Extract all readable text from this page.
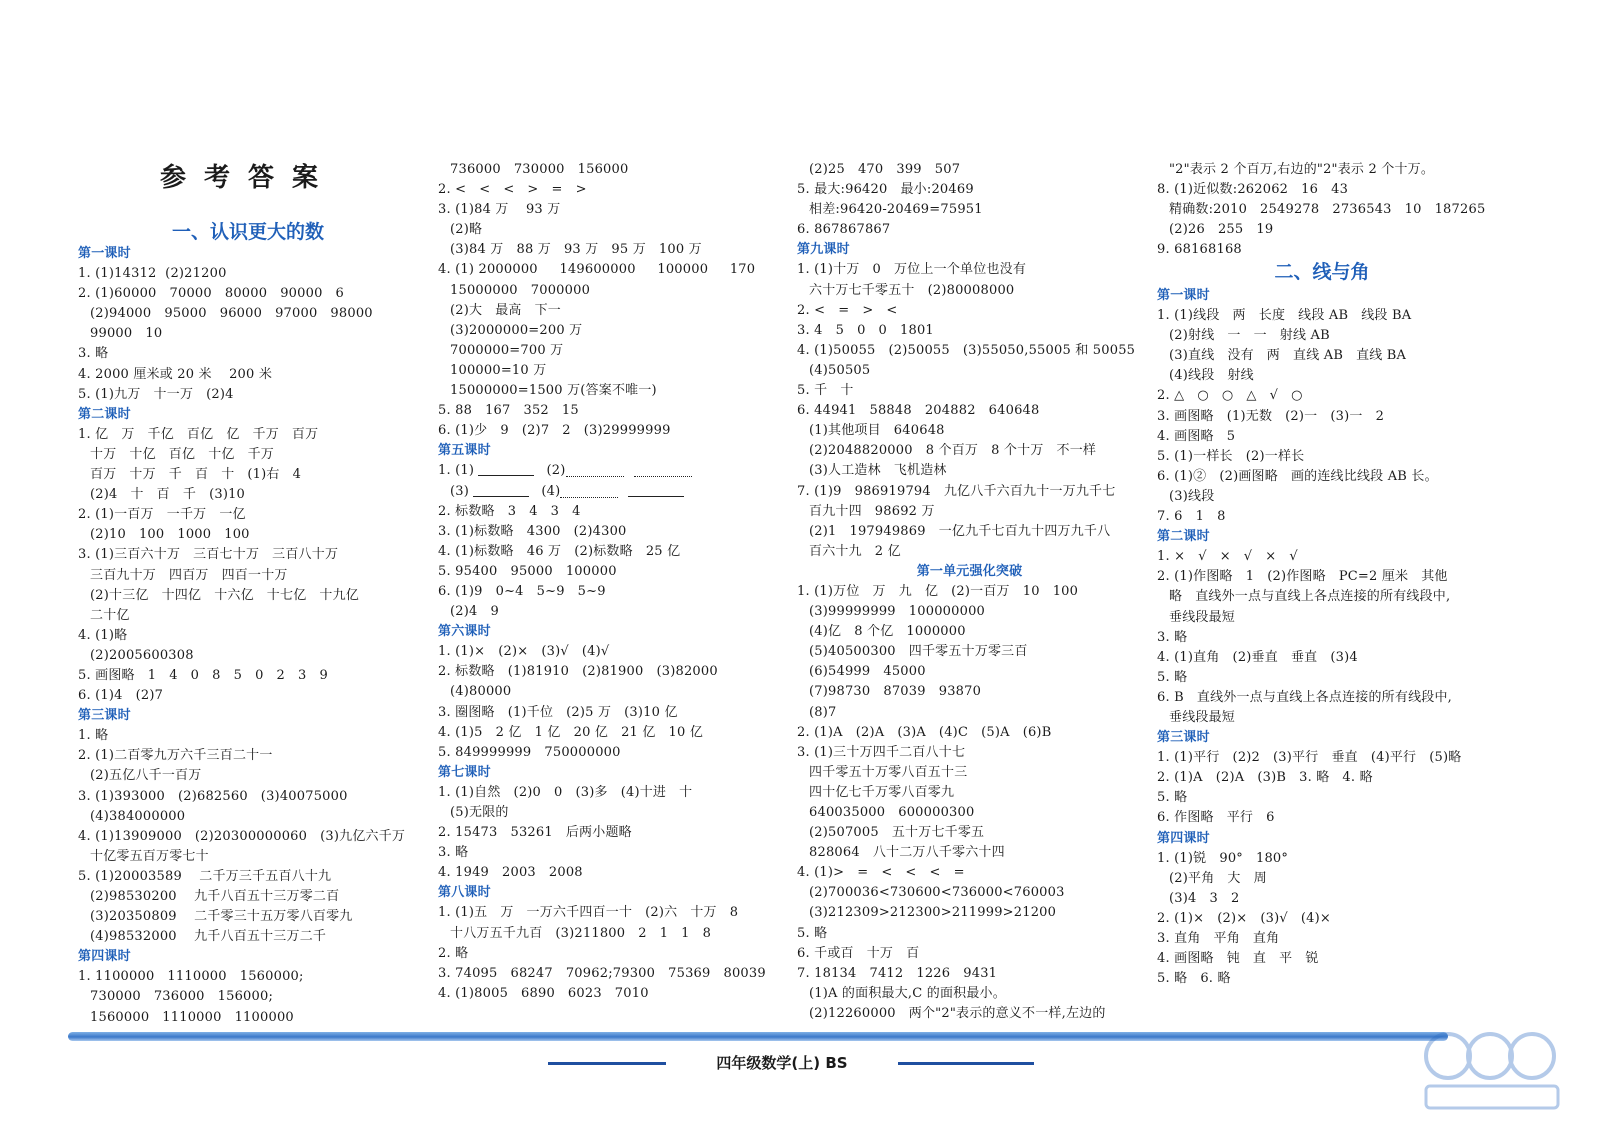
参考答案
一、认识更大的数
第一课时
1. (1)14312  (2)21200
2. (1)60000   70000   80000   90000   6
(2)94000   95000   96000   97000   98000
99000   10
3. 略
4. 2000 厘米或 20 米    200 米
5. (1)九万   十一万   (2)4
第二课时
1. 亿   万   千亿   百亿   亿   千万   百万
十万   十亿   百亿   十亿   千万
百万   十万   千   百   十   (1)右   4
(2)4   十   百   千   (3)10
2. (1)一百万   一千万   一亿
(2)10   100   1000   100
3. (1)三百六十万   三百七十万   三百八十万
三百九十万   四百万   四百一十万
(2)十三亿   十四亿   十六亿   十七亿   十九亿
二十亿
4. (1)略
(2)2005600308
5. 画图略   1   4   0   8   5   0   2   3   9
6. (1)4   (2)7
第三课时
1. 略
2. (1)二百零九万六千三百二十一
(2)五亿八千一百万
3. (1)393000   (2)682560   (3)40075000
(4)384000000
4. (1)13909000   (2)20300000060   (3)九亿六千万
十亿零五百万零七十
5. (1)20003589    二千万三千五百八十九
(2)98530200    九千八百五十三万零二百
(3)20350809    二千零三十五万零八百零九
(4)98532000    九千八百五十三万二千
第四课时
1. 1100000   1110000   1560000;
730000   736000   156000;
1560000   1110000   1100000
736000   730000   156000
2. <   <   <   >   =   >
3. (1)84 万    93 万
(2)略
(3)84 万   88 万   93 万   95 万   100 万
4. (1) 2000000     149600000     100000     170
15000000   7000000
(2)大   最高   下一
(3)2000000=200 万
7000000=700 万
100000=10 万
15000000=1500 万(答案不唯一)
5. 88   167   352   15
6. (1)少   9   (2)7   2   (3)29999999
第五课时
1. (1)	(2)
(3)	(4)
2. 标数略   3   4   3   4
3. (1)标数略   4300   (2)4300
4. (1)标数略   46 万   (2)标数略   25 亿
5. 95400   95000   100000
6. (1)9   0~4   5~9   5~9
(2)4   9
第六课时
1. (1)×   (2)×   (3)√   (4)√
2. 标数略   (1)81910   (2)81900   (3)82000
(4)80000
3. 圈图略   (1)千位   (2)5 万   (3)10 亿
4. (1)5   2 亿   1 亿   20 亿   21 亿   10 亿
5. 849999999   750000000
第七课时
1. (1)自然   (2)0   0   (3)多   (4)十进   十
(5)无限的
2. 15473   53261   后两小题略
3. 略
4. 1949   2003   2008
第八课时
1. (1)五   万   一万六千四百一十   (2)六   十万   8
十八万五千九百   (3)211800   2   1   1   8
2. 略
3. 74095   68247   70962;79300   75369   80039
4. (1)8005   6890   6023   7010
(2)25   470   399   507
5. 最大:96420   最小:20469
相差:96420-20469=75951
6. 867867867
第九课时
1. (1)十万   0   万位上一个单位也没有
六十万七千零五十   (2)80008000
2. <   =   >   <
3. 4   5   0   0   1801
4. (1)50055   (2)50055   (3)55050,55005 和 50055
(4)50505
5. 千   十
6. 44941   58848   204882   640648
(1)其他项目   640648
(2)2048820000   8 个百万   8 个十万   不一样
(3)人工造林   飞机造林
7. (1)9   986919794   九亿八千六百九十一万九千七
百九十四   98692 万
(2)1   197949869   一亿九千七百九十四万九千八
百六十九   2 亿
第一单元强化突破
1. (1)万位   万   九   亿   (2)一百万   10   100
(3)99999999   100000000
(4)亿   8 个亿   1000000
(5)40500300   四千零五十万零三百
(6)54999   45000
(7)98730   87039   93870
(8)7
2. (1)A   (2)A   (3)A   (4)C   (5)A   (6)B
3. (1)三十万四千二百八十七
四千零五十万零八百五十三
四十亿七千万零八百零九
640035000   600000300
(2)507005   五十万七千零五
828064   八十二万八千零六十四
4. (1)>   =   <   <   <   =
(2)700036<730600<736000<760003
(3)212309>212300>211999>21200
5. 略
6. 千或百   十万   百
7. 18134   7412   1226   9431
(1)A 的面积最大,C 的面积最小。
(2)12260000   两个"2"表示的意义不一样,左边的
"2"表示 2 个百万,右边的"2"表示 2 个十万。
8. (1)近似数:262062   16   43
精确数:2010   2549278   2736543   10   187265
(2)26   255   19
9. 68168168
第一课时
1. (1)线段   两   长度   线段 AB   线段 BA
(2)射线   一   一   射线 AB
(3)直线   没有   两   直线 AB   直线 BA
(4)线段   射线
2. △   ○   ○   △   √   ○
3. 画图略   (1)无数   (2)一   (3)一   2
4. 画图略   5
5. (1)一样长   (2)一样长
6. (1)②   (2)画图略   画的连线比线段 AB 长。
(3)线段
7. 6   1   8
第二课时
1. ×   √   ×   √   ×   √
2. (1)作图略   1   (2)作图略   PC=2 厘米   其他
略   直线外一点与直线上各点连接的所有线段中,
垂线段最短
3. 略
4. (1)直角   (2)垂直   垂直   (3)4
5. 略
6. B   直线外一点与直线上各点连接的所有线段中,
垂线段最短
第三课时
1. (1)平行   (2)2   (3)平行   垂直   (4)平行   (5)略
2. (1)A   (2)A   (3)B   3. 略   4. 略
5. 略
6. 作图略   平行   6
第四课时
1. (1)锐   90°   180°
(2)平角   大   周
(3)4   3   2
2. (1)×   (2)×   (3)√   (4)×
3. 直角   平角   直角
4. 画图略   钝   直   平   锐
5. 略   6. 略
二、线与角
四年级数学(上) BS
